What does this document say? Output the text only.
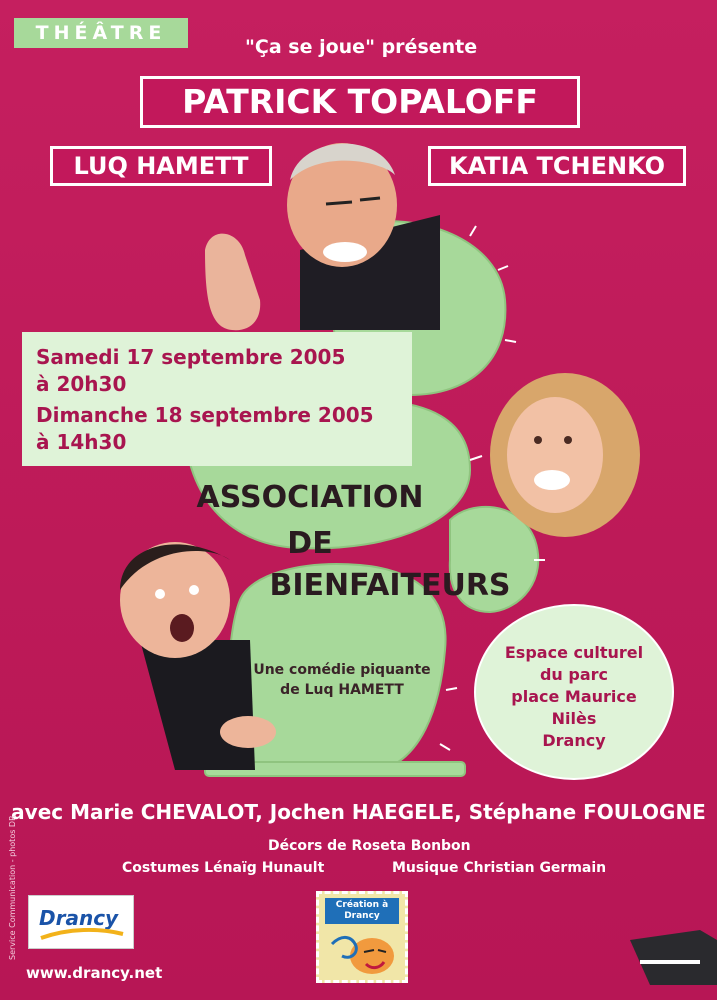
THÉÂTRE
"Ça se joue" présente
PATRICK TOPALOFF
LUQ HAMETT	KATIA TCHENKO
Samedi 17 septembre 2005
à 20h30
Dimanche 18 septembre 2005
à 14h30
ASSOCIATION
DE
BIENFAITEURS
Une comédie piquante
de Luq HAMETT
Espace culturel
du parc
place Maurice
Nilès
Drancy
avec Marie CHEVALOT, Jochen HAEGELE, Stéphane FOULOGNE
Décors de Roseta Bonbon
Costumes Lénaïg Hunault	Musique Christian Germain
Drancy
www.drancy.net
Création à Drancy
Service Communication - photos DR
